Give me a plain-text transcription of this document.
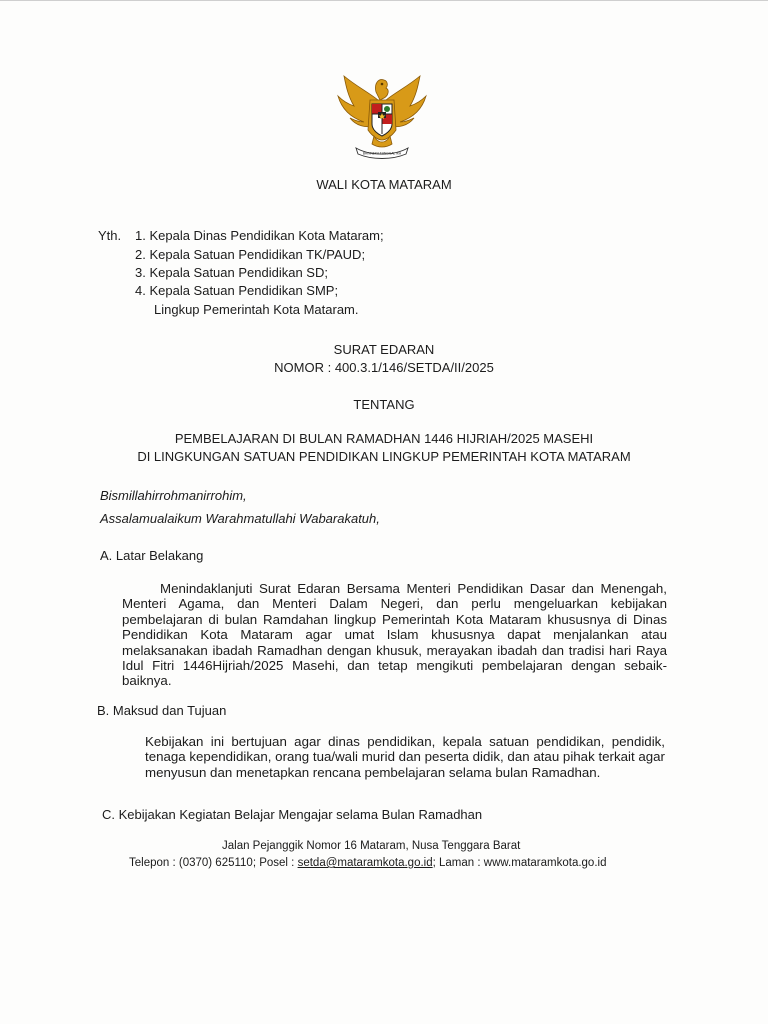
BHINNEKA TUNGGAL IKA
WALI KOTA MATARAM
Yth. 1. Kepala Dinas Pendidikan Kota Mataram;
2. Kepala Satuan Pendidikan TK/PAUD;
3. Kepala Satuan Pendidikan SD;
4. Kepala Satuan Pendidikan SMP;
Lingkup Pemerintah Kota Mataram.
SURAT EDARAN
NOMOR : 400.3.1/146/SETDA/II/2025
TENTANG
PEMBELAJARAN DI BULAN RAMADHAN 1446 HIJRIAH/2025 MASEHI
DI LINGKUNGAN SATUAN PENDIDIKAN LINGKUP PEMERINTAH KOTA MATARAM
Bismillahirrohmanirrohim,
Assalamualaikum Warahmatullahi Wabarakatuh,
A. Latar Belakang
Menindaklanjuti Surat Edaran Bersama Menteri Pendidikan Dasar dan Menengah, Menteri Agama, dan Menteri Dalam Negeri, dan perlu mengeluarkan kebijakan pembelajaran di bulan Ramdahan lingkup Pemerintah Kota Mataram khususnya di Dinas Pendidikan Kota Mataram agar umat Islam khususnya dapat menjalankan atau melaksanakan ibadah Ramadhan dengan khusuk, merayakan ibadah dan tradisi hari Raya Idul Fitri 1446Hijriah/2025 Masehi, dan tetap mengikuti pembelajaran dengan sebaik-baiknya.
B. Maksud dan Tujuan
Kebijakan ini bertujuan agar dinas pendidikan, kepala satuan pendidikan, pendidik, tenaga kependidikan, orang tua/wali murid dan peserta didik, dan atau pihak terkait agar menyusun dan menetapkan rencana pembelajaran selama bulan Ramadhan.
C. Kebijakan Kegiatan Belajar Mengajar selama Bulan Ramadhan
Jalan Pejanggik Nomor 16 Mataram, Nusa Tenggara Barat
Telepon : (0370) 625110; Posel : setda@mataramkota.go.id; Laman : www.mataramkota.go.id
